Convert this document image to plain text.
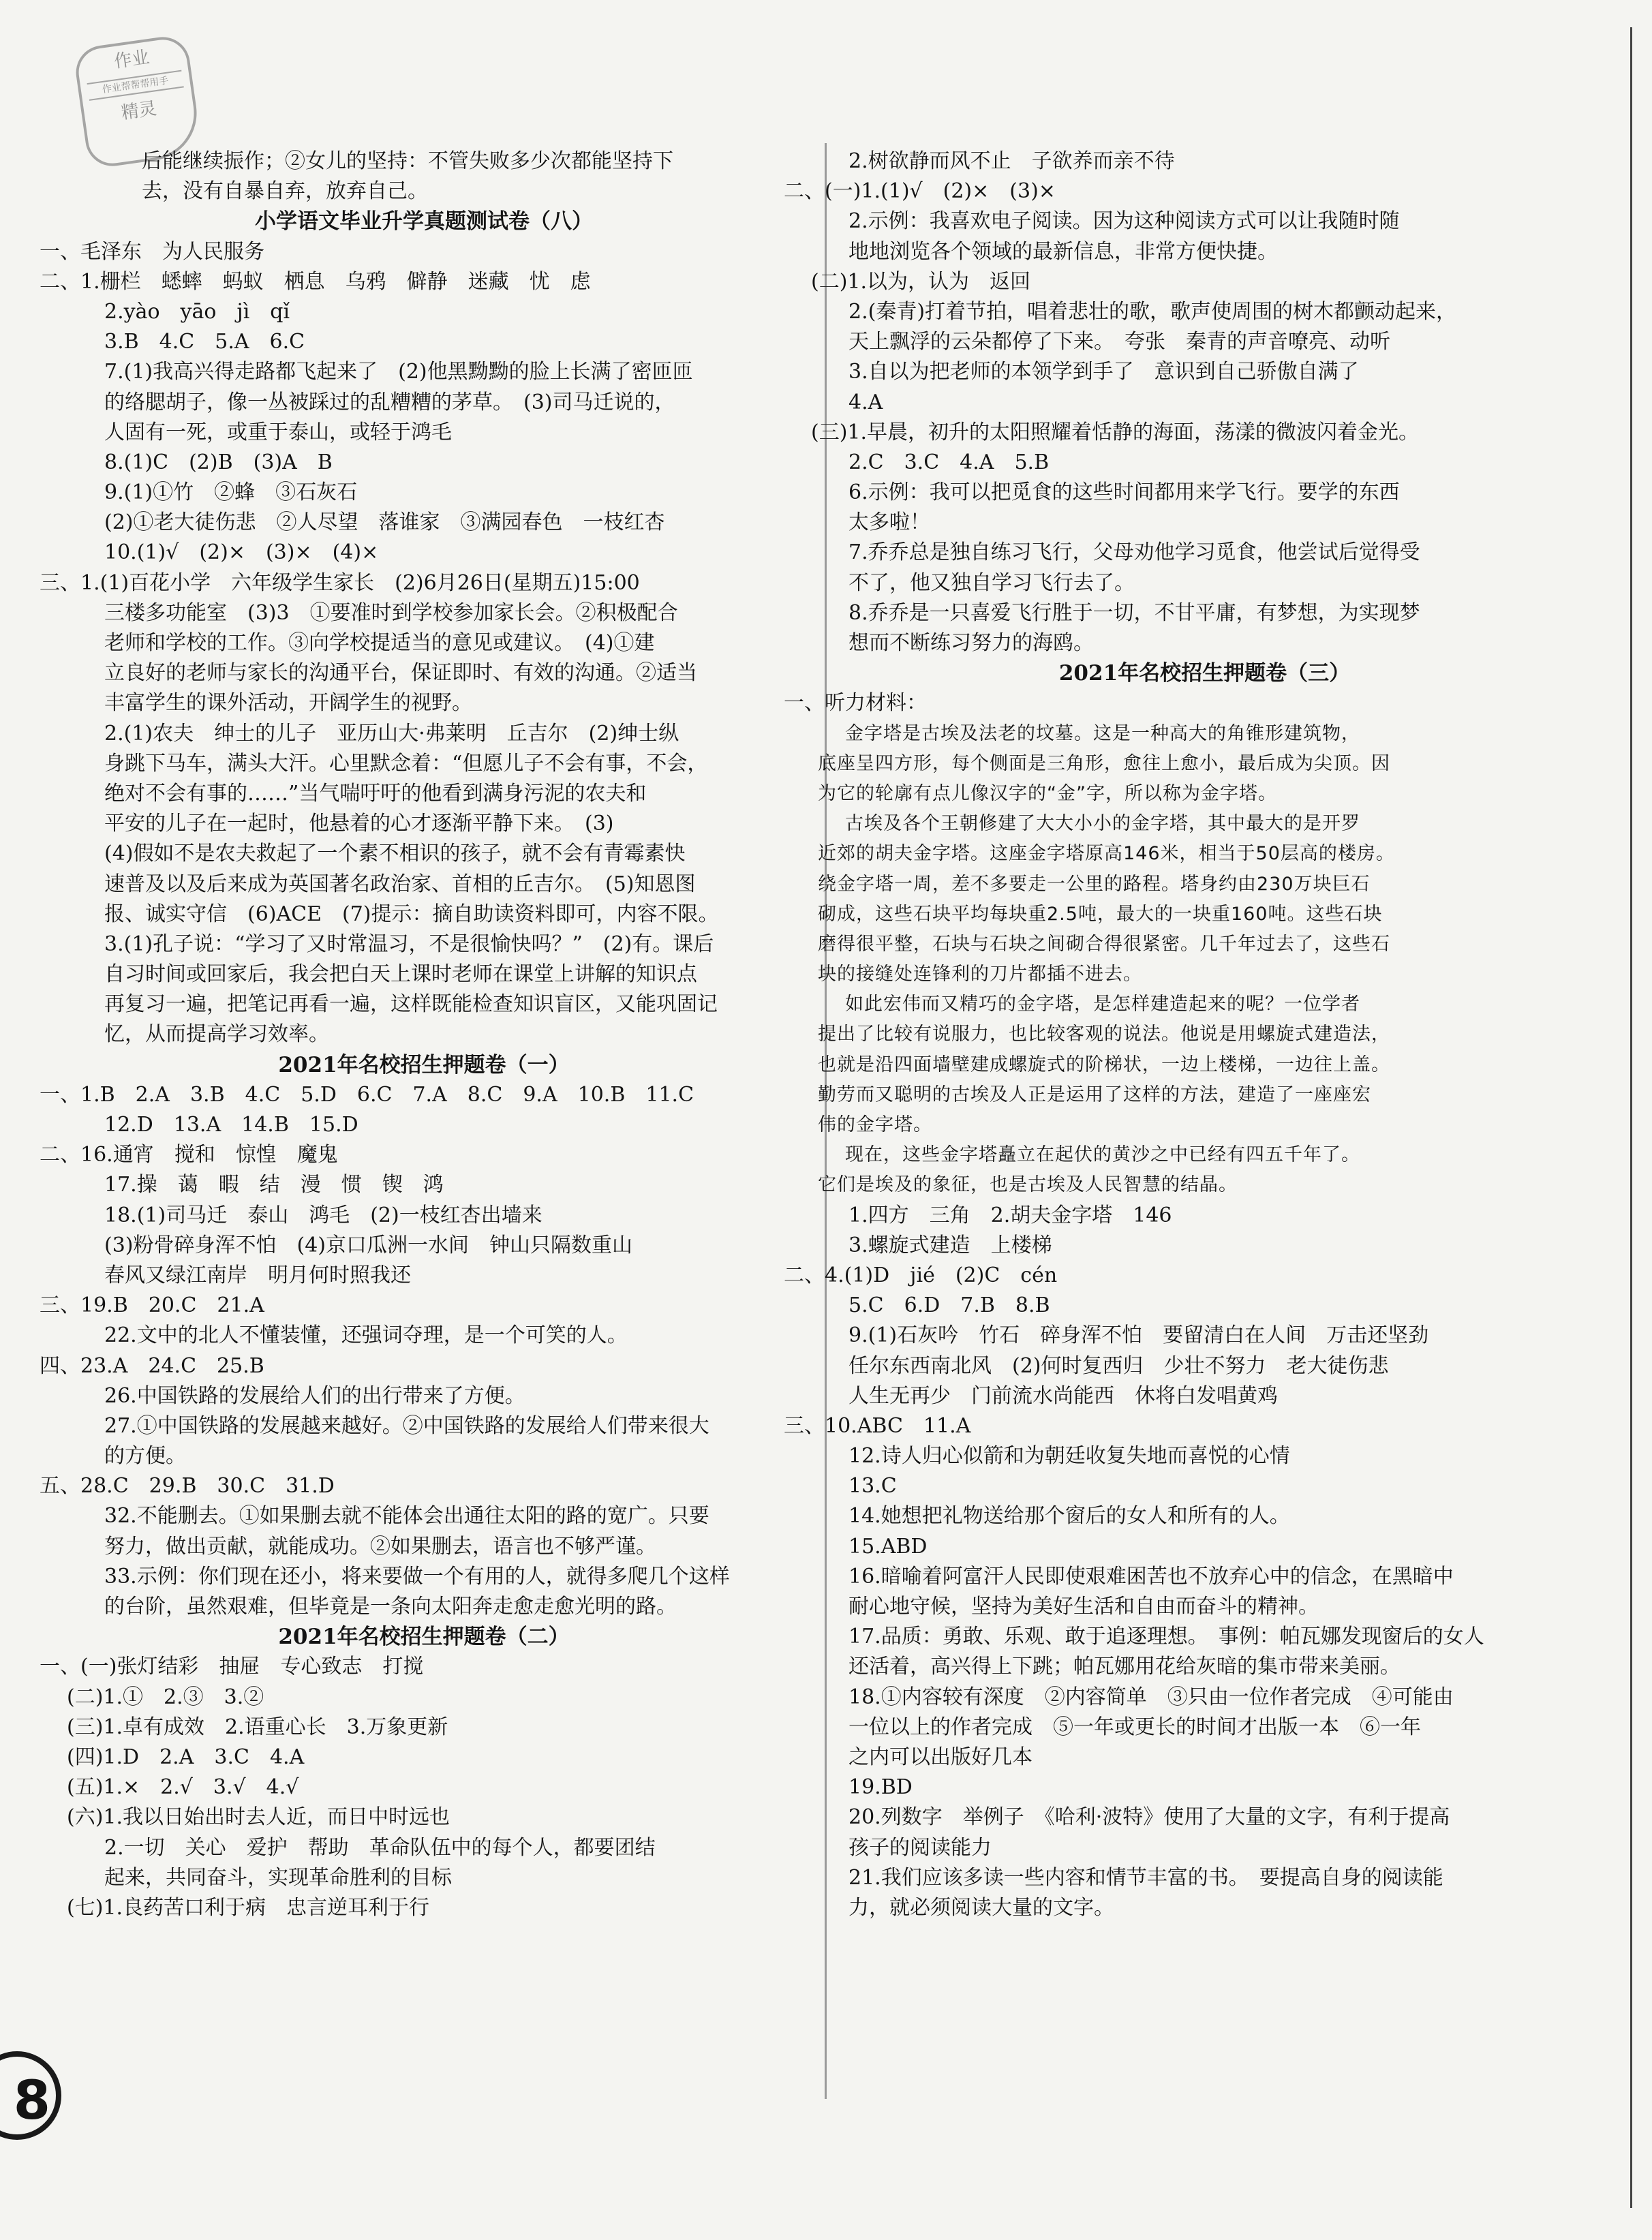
作业
作业帮帮帮用手
精灵
后能继续振作；②女儿的坚持：不管失败多少次都能坚持下
去，没有自暴自弃，放弃自己。
小学语文毕业升学真题测试卷（八）
一、毛泽东　为人民服务
二、1.栅栏　蟋蟀　蚂蚁　栖息　乌鸦　僻静　迷藏　忧　虑
2.yào　yāo　jì　qǐ
3.B　4.C　5.A　6.C
7.(1)我高兴得走路都飞起来了　(2)他黑黝黝的脸上长满了密匝匝
的络腮胡子，像一丛被踩过的乱糟糟的茅草。　(3)司马迁说的，
人固有一死，或重于泰山，或轻于鸿毛
8.(1)C　(2)B　(3)A　B
9.(1)①竹　②蜂　③石灰石
(2)①老大徒伤悲　②人尽望　落谁家　③满园春色　一枝红杏
10.(1)√　(2)×　(3)×　(4)×
三、1.(1)百花小学　六年级学生家长　(2)6月26日(星期五)15:00
三楼多功能室　(3)3　①要准时到学校参加家长会。②积极配合
老师和学校的工作。③向学校提适当的意见或建议。　(4)①建
立良好的老师与家长的沟通平台，保证即时、有效的沟通。②适当
丰富学生的课外活动，开阔学生的视野。
2.(1)农夫　绅士的儿子　亚历山大·弗莱明　丘吉尔　(2)绅士纵
身跳下马车，满头大汗。心里默念着：“但愿儿子不会有事，不会，
绝对不会有事的……”当气喘吁吁的他看到满身污泥的农夫和
平安的儿子在一起时，他悬着的心才逐渐平静下来。　(3)
(4)假如不是农夫救起了一个素不相识的孩子，就不会有青霉素快
速普及以及后来成为英国著名政治家、首相的丘吉尔。　(5)知恩图
报、诚实守信　(6)ACE　(7)提示：摘自助读资料即可，内容不限。
3.(1)孔子说：“学习了又时常温习，不是很愉快吗？”　(2)有。课后
自习时间或回家后，我会把白天上课时老师在课堂上讲解的知识点
再复习一遍，把笔记再看一遍，这样既能检查知识盲区，又能巩固记
忆，从而提高学习效率。
2021年名校招生押题卷（一）
一、1.B　2.A　3.B　4.C　5.D　6.C　7.A　8.C　9.A　10.B　11.C
12.D　13.A　14.B　15.D
二、16.通宵　搅和　惊惶　魔鬼
17.操　蔼　暇　结　漫　惯　锲　鸿
18.(1)司马迁　泰山　鸿毛　(2)一枝红杏出墙来
(3)粉骨碎身浑不怕　(4)京口瓜洲一水间　钟山只隔数重山
春风又绿江南岸　明月何时照我还
三、19.B　20.C　21.A
22.文中的北人不懂装懂，还强词夺理，是一个可笑的人。
四、23.A　24.C　25.B
26.中国铁路的发展给人们的出行带来了方便。
27.①中国铁路的发展越来越好。②中国铁路的发展给人们带来很大
的方便。
五、28.C　29.B　30.C　31.D
32.不能删去。①如果删去就不能体会出通往太阳的路的宽广。只要
努力，做出贡献，就能成功。②如果删去，语言也不够严谨。
33.示例：你们现在还小，将来要做一个有用的人，就得多爬几个这样
的台阶，虽然艰难，但毕竟是一条向太阳奔走愈走愈光明的路。
2021年名校招生押题卷（二）
一、(一)张灯结彩　抽屉　专心致志　打搅
(二)1.①　2.③　3.②
(三)1.卓有成效　2.语重心长　3.万象更新
(四)1.D　2.A　3.C　4.A
(五)1.×　2.√　3.√　4.√
(六)1.我以日始出时去人近，而日中时远也
2.一切　关心　爱护　帮助　革命队伍中的每个人，都要团结
起来，共同奋斗，实现革命胜利的目标
(七)1.良药苦口利于病　忠言逆耳利于行
2.树欲静而风不止　子欲养而亲不待
二、(一)1.(1)√　(2)×　(3)×
2.示例：我喜欢电子阅读。因为这种阅读方式可以让我随时随
地地浏览各个领域的最新信息，非常方便快捷。
(二)1.以为，认为　返回
2.(秦青)打着节拍，唱着悲壮的歌，歌声使周围的树木都颤动起来，
天上飘浮的云朵都停了下来。　夸张　秦青的声音嘹亮、动听
3.自以为把老师的本领学到手了　意识到自己骄傲自满了
4.A
(三)1.早晨，初升的太阳照耀着恬静的海面，荡漾的微波闪着金光。
2.C　3.C　4.A　5.B
6.示例：我可以把觅食的这些时间都用来学飞行。要学的东西
太多啦！
7.乔乔总是独自练习飞行，父母劝他学习觅食，他尝试后觉得受
不了，他又独自学习飞行去了。
8.乔乔是一只喜爱飞行胜于一切，不甘平庸，有梦想，为实现梦
想而不断练习努力的海鸥。
2021年名校招生押题卷（三）
一、听力材料：
金字塔是古埃及法老的坟墓。这是一种高大的角锥形建筑物，
底座呈四方形，每个侧面是三角形，愈往上愈小，最后成为尖顶。因
为它的轮廓有点儿像汉字的“金”字，所以称为金字塔。
古埃及各个王朝修建了大大小小的金字塔，其中最大的是开罗
近郊的胡夫金字塔。这座金字塔原高146米，相当于50层高的楼房。
绕金字塔一周，差不多要走一公里的路程。塔身约由230万块巨石
砌成，这些石块平均每块重2.5吨，最大的一块重160吨。这些石块
磨得很平整，石块与石块之间砌合得很紧密。几千年过去了，这些石
块的接缝处连锋利的刀片都插不进去。
如此宏伟而又精巧的金字塔，是怎样建造起来的呢？一位学者
提出了比较有说服力，也比较客观的说法。他说是用螺旋式建造法，
也就是沿四面墙壁建成螺旋式的阶梯状，一边上楼梯，一边往上盖。
勤劳而又聪明的古埃及人正是运用了这样的方法，建造了一座座宏
伟的金字塔。
现在，这些金字塔矗立在起伏的黄沙之中已经有四五千年了。
它们是埃及的象征，也是古埃及人民智慧的结晶。
1.四方　三角　2.胡夫金字塔　146
3.螺旋式建造　上楼梯
二、4.(1)D　jié　(2)C　cén
5.C　6.D　7.B　8.B
9.(1)石灰吟　竹石　碎身浑不怕　要留清白在人间　万击还坚劲
任尔东西南北风　(2)何时复西归　少壮不努力　老大徒伤悲
人生无再少　门前流水尚能西　休将白发唱黄鸡
三、10.ABC　11.A
12.诗人归心似箭和为朝廷收复失地而喜悦的心情
13.C
14.她想把礼物送给那个窗后的女人和所有的人。
15.ABD
16.暗喻着阿富汗人民即使艰难困苦也不放弃心中的信念，在黑暗中
耐心地守候，坚持为美好生活和自由而奋斗的精神。
17.品质：勇敢、乐观、敢于追逐理想。　事例：帕瓦娜发现窗后的女人
还活着，高兴得上下跳；帕瓦娜用花给灰暗的集市带来美丽。
18.①内容较有深度　②内容简单　③只由一位作者完成　④可能由
一位以上的作者完成　⑤一年或更长的时间才出版一本　⑥一年
之内可以出版好几本
19.BD
20.列数字　举例子　《哈利·波特》使用了大量的文字，有利于提高
孩子的阅读能力
21.我们应该多读一些内容和情节丰富的书。　要提高自身的阅读能
力，就必须阅读大量的文字。
8
